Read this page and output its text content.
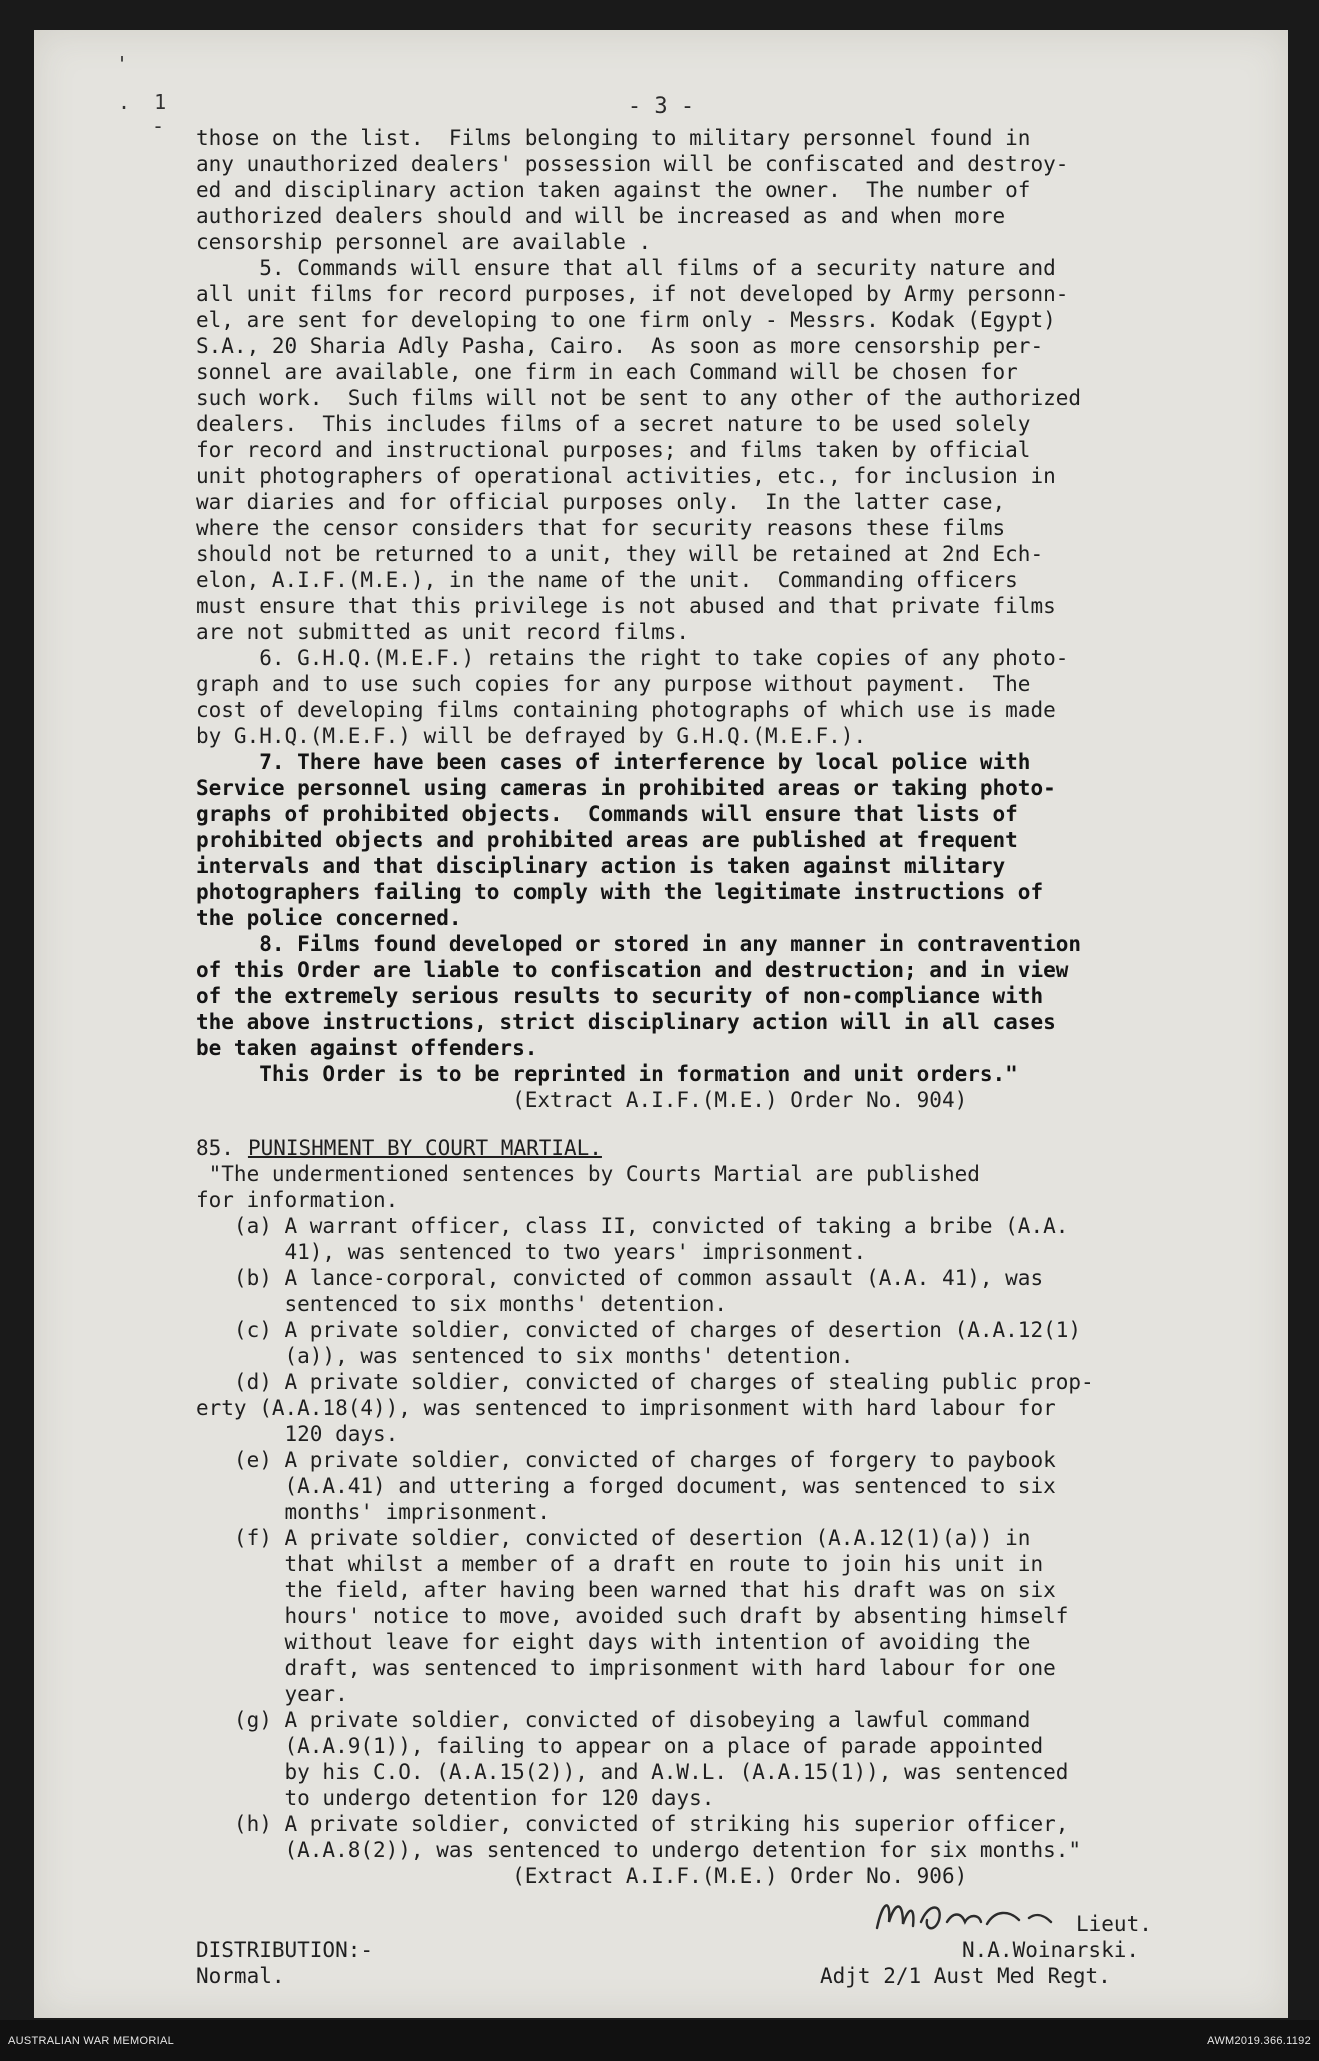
'
.  1
-
- 3 -
those on the list.  Films belonging to military personnel found in
any unauthorized dealers' possession will be confiscated and destroy-
ed and disciplinary action taken against the owner.  The number of
authorized dealers should and will be increased as and when more
censorship personnel are available .
5. Commands will ensure that all films of a security nature and
all unit films for record purposes, if not developed by Army personn-
el, are sent for developing to one firm only - Messrs. Kodak (Egypt)
S.A., 20 Sharia Adly Pasha, Cairo.  As soon as more censorship per-
sonnel are available, one firm in each Command will be chosen for
such work.  Such films will not be sent to any other of the authorized
dealers.  This includes films of a secret nature to be used solely
for record and instructional purposes; and films taken by official
unit photographers of operational activities, etc., for inclusion in
war diaries and for official purposes only.  In the latter case,
where the censor considers that for security reasons these films
should not be returned to a unit, they will be retained at 2nd Ech-
elon, A.I.F.(M.E.), in the name of the unit.  Commanding officers
must ensure that this privilege is not abused and that private films
are not submitted as unit record films.
6. G.H.Q.(M.E.F.) retains the right to take copies of any photo-
graph and to use such copies for any purpose without payment.  The
cost of developing films containing photographs of which use is made
by G.H.Q.(M.E.F.) will be defrayed by G.H.Q.(M.E.F.).
7. There have been cases of interference by local police with
Service personnel using cameras in prohibited areas or taking photo-
graphs of prohibited objects.  Commands will ensure that lists of
prohibited objects and prohibited areas are published at frequent
intervals and that disciplinary action is taken against military
photographers failing to comply with the legitimate instructions of
the police concerned.
8. Films found developed or stored in any manner in contravention
of this Order are liable to confiscation and destruction; and in view
of the extremely serious results to security of non-compliance with
the above instructions, strict disciplinary action will in all cases
be taken against offenders.
This Order is to be reprinted in formation and unit orders."
(Extract A.I.F.(M.E.) Order No. 904)
85. PUNISHMENT BY COURT MARTIAL.
"The undermentioned sentences by Courts Martial are published
for information.
(a) A warrant officer, class II, convicted of taking a bribe (A.A.
41), was sentenced to two years' imprisonment.
(b) A lance-corporal, convicted of common assault (A.A. 41), was
sentenced to six months' detention.
(c) A private soldier, convicted of charges of desertion (A.A.12(1)
(a)), was sentenced to six months' detention.
(d) A private soldier, convicted of charges of stealing public prop-
erty (A.A.18(4)), was sentenced to imprisonment with hard labour for
120 days.
(e) A private soldier, convicted of charges of forgery to paybook
(A.A.41) and uttering a forged document, was sentenced to six
months' imprisonment.
(f) A private soldier, convicted of desertion (A.A.12(1)(a)) in
that whilst a member of a draft en route to join his unit in
the field, after having been warned that his draft was on six
hours' notice to move, avoided such draft by absenting himself
without leave for eight days with intention of avoiding the
draft, was sentenced to imprisonment with hard labour for one
year.
(g) A private soldier, convicted of disobeying a lawful command
(A.A.9(1)), failing to appear on a place of parade appointed
by his C.O. (A.A.15(2)), and A.W.L. (A.A.15(1)), was sentenced
to undergo detention for 120 days.
(h) A private soldier, convicted of striking his superior officer,
(A.A.8(2)), was sentenced to undergo detention for six months."
(Extract A.I.F.(M.E.) Order No. 906)
Lieut.
DISTRIBUTION:-	N.A.Woinarski.
Normal.	Adjt 2/1 Aust Med Regt.
AUSTRALIAN WAR MEMORIAL	AWM2019.366.1192
